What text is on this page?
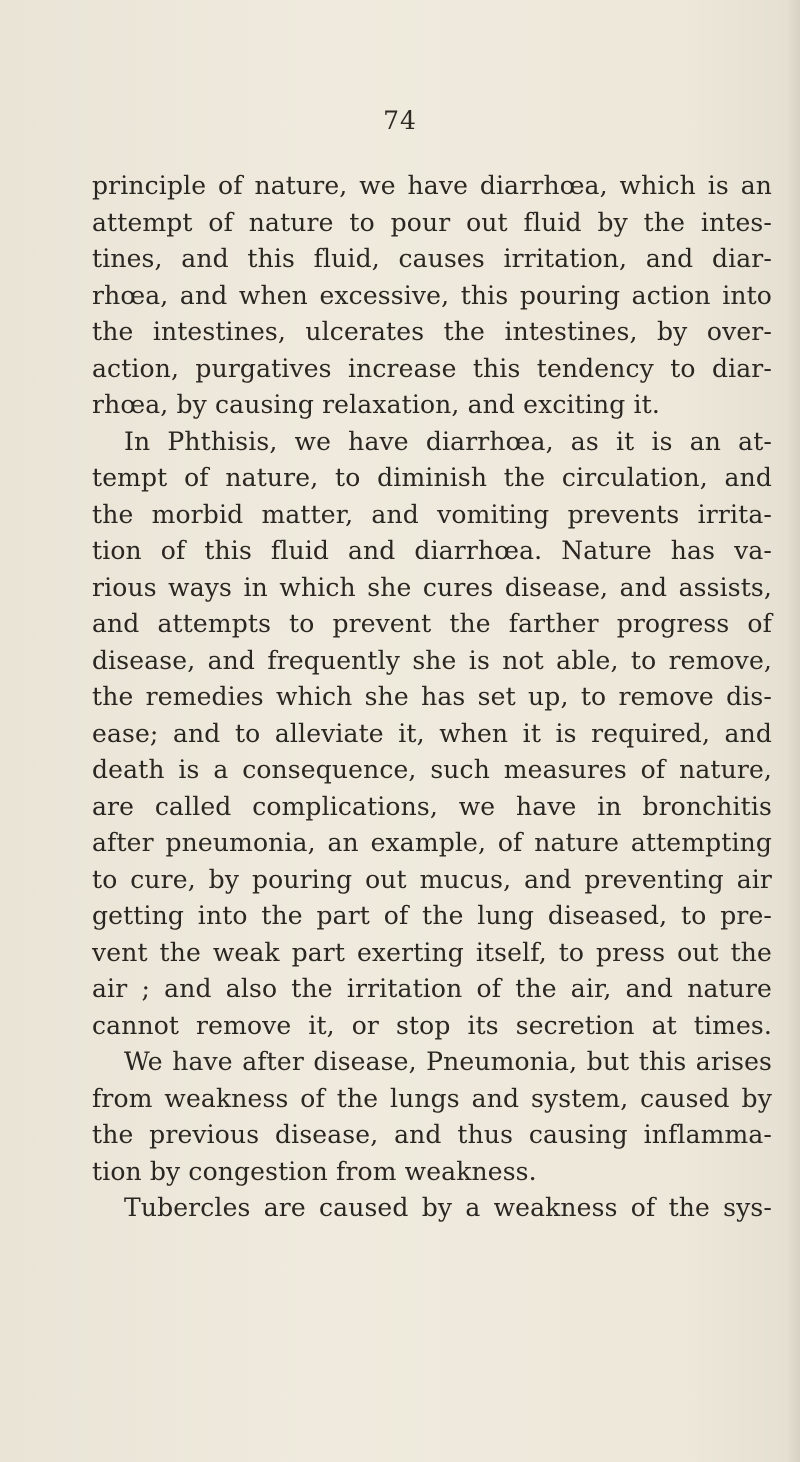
74
principle of nature, we have diarrhœa, which is an
attempt of nature to pour out fluid by the intes-
tines, and this fluid, causes irritation, and diar-
rhœa, and when excessive, this pouring action into
the intestines, ulcerates the intestines, by over-
action, purgatives increase this tendency to diar-
rhœa, by causing relaxation, and exciting it.
In Phthisis, we have diarrhœa, as it is an at-
tempt of nature, to diminish the circulation, and
the morbid matter, and vomiting prevents irrita-
tion of this fluid and diarrhœa. Nature has va-
rious ways in which she cures disease, and assists,
and attempts to prevent the farther progress of
disease, and frequently she is not able, to remove,
the remedies which she has set up, to remove dis-
ease; and to alleviate it, when it is required, and
death is a consequence, such measures of nature,
are called complications, we have in bronchitis
after pneumonia, an example, of nature attempting
to cure, by pouring out mucus, and preventing air
getting into the part of the lung diseased, to pre-
vent the weak part exerting itself, to press out the
air ; and also the irritation of the air, and nature
cannot remove it, or stop its secretion at times.
We have after disease, Pneumonia, but this arises
from weakness of the lungs and system, caused by
the previous disease, and thus causing inflamma-
tion by congestion from weakness.
Tubercles are caused by a weakness of the sys-
